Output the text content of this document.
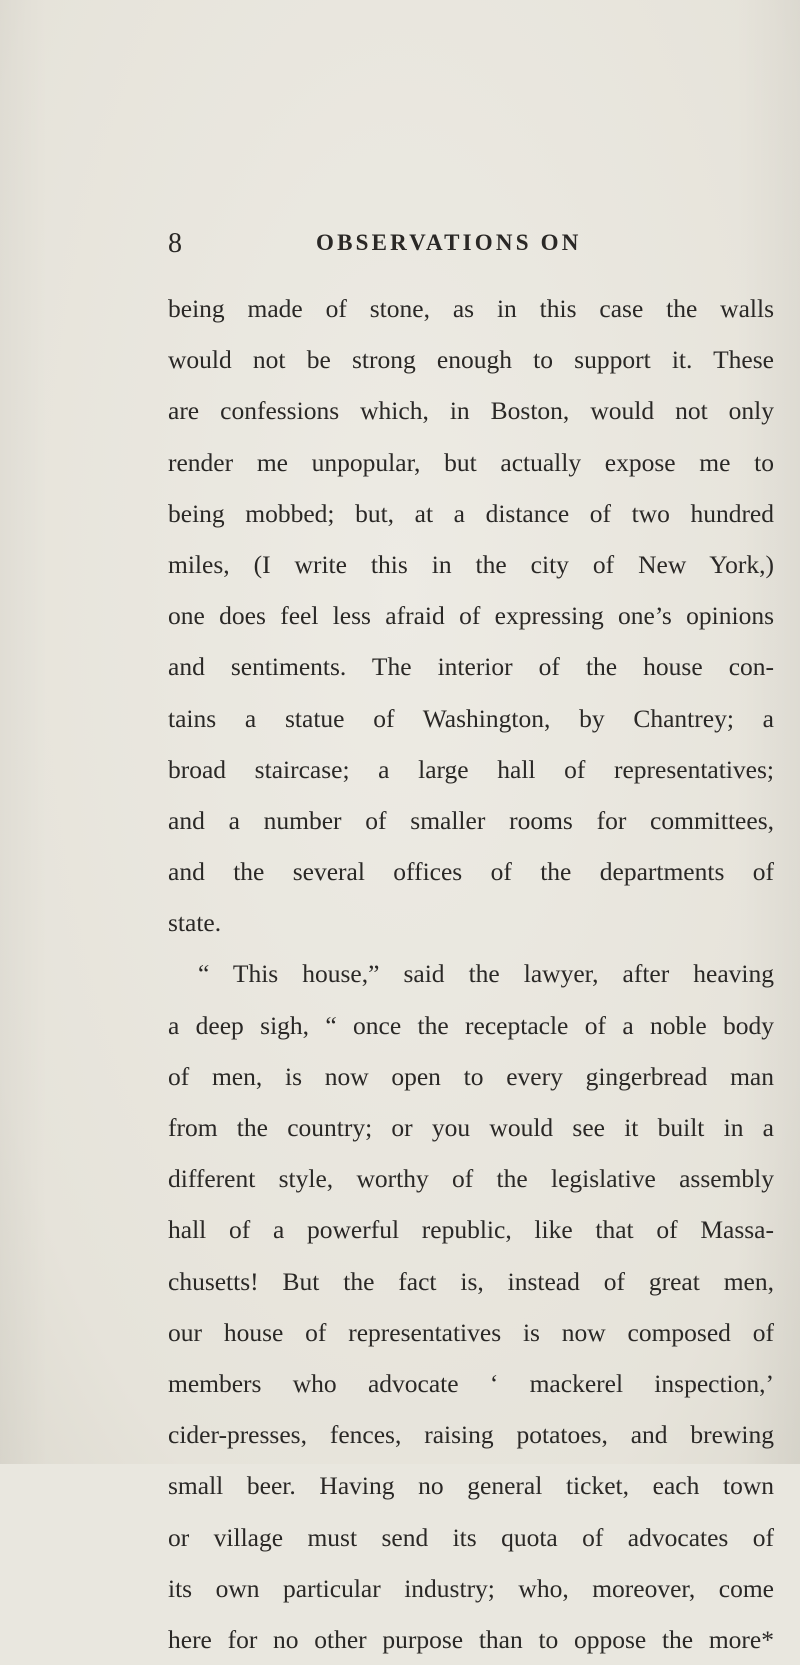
8	OBSERVATIONS ON
being made of stone, as in this case the walls
would not be strong enough to support it. These
are confessions which, in Boston, would not only
render me unpopular, but actually expose me to
being mobbed; but, at a distance of two hundred
miles, (I write this in the city of New York,)
one does feel less afraid of expressing one’s opinions
and sentiments. The interior of the house con-
tains a statue of Washington, by Chantrey; a
broad staircase; a large hall of representatives;
and a number of smaller rooms for committees,
and the several offices of the departments of
state.
“ This house,” said the lawyer, after heaving
a deep sigh, “ once the receptacle of a noble body
of men, is now open to every gingerbread man
from the country; or you would see it built in a
different style, worthy of the legislative assembly
hall of a powerful republic, like that of Massa-
chusetts! But the fact is, instead of great men,
our house of representatives is now composed of
members who advocate ‘ mackerel inspection,’
cider-presses, fences, raising potatoes, and brewing
small beer. Having no general ticket, each town
or village must send its quota of advocates of
its own particular industry; who, moreover, come
here for no other purpose than to oppose the more*
